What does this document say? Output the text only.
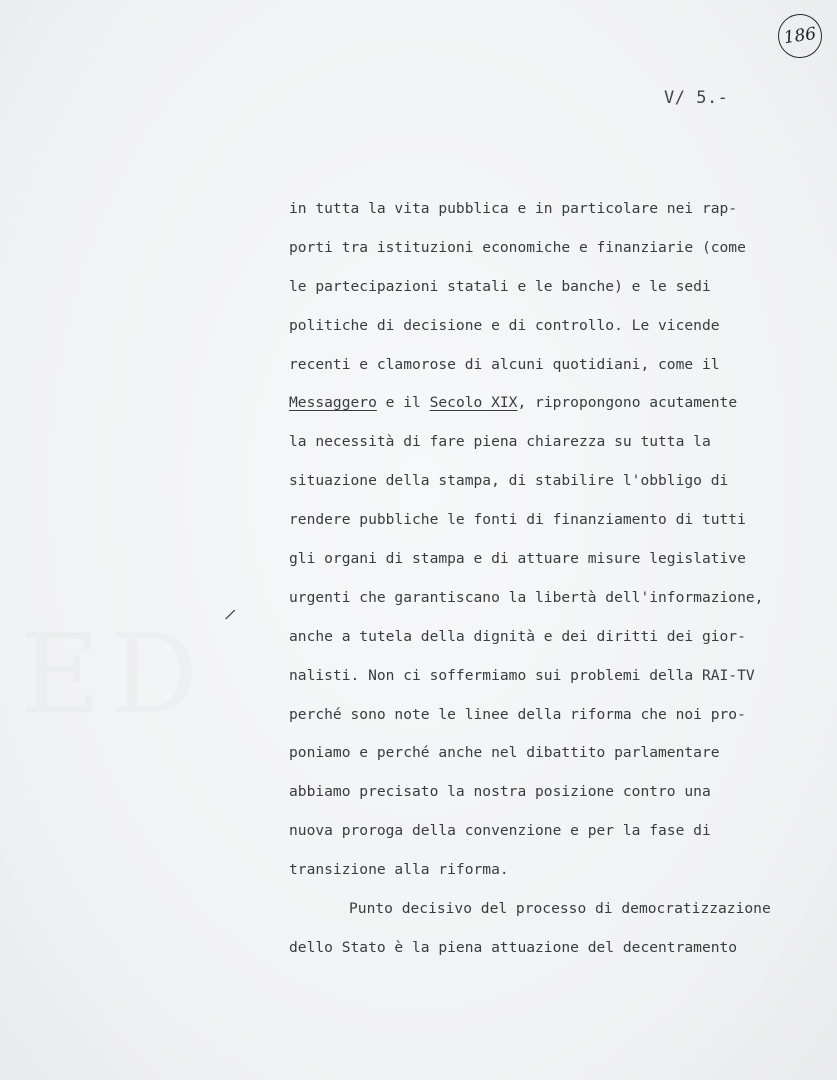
186
V/ 5.-
/
in tutta la vita pubblica e in particolare nei rap-
porti tra istituzioni economiche e finanziarie (come
le partecipazioni statali e le banche) e le sedi
politiche di decisione e di controllo. Le vicende
recenti e clamorose di alcuni quotidiani, come il
Messaggero e il Secolo XIX, ripropongono acutamente
la necessità di fare piena chiarezza su tutta la
situazione della stampa, di stabilire l'obbligo di
rendere pubbliche le fonti di finanziamento di tutti
gli organi di stampa e di attuare misure legislative
urgenti che garantiscano la libertà dell'informazione,
anche a tutela della dignità e dei diritti dei gior-
nalisti. Non ci soffermiamo sui problemi della RAI-TV
perché sono note le linee della riforma che noi pro-
poniamo e perché anche nel dibattito parlamentare
abbiamo precisato la nostra posizione contro una
nuova proroga della convenzione e per la fase di
transizione alla riforma.
Punto decisivo del processo di democratizzazione
dello Stato è la piena attuazione del decentramento
